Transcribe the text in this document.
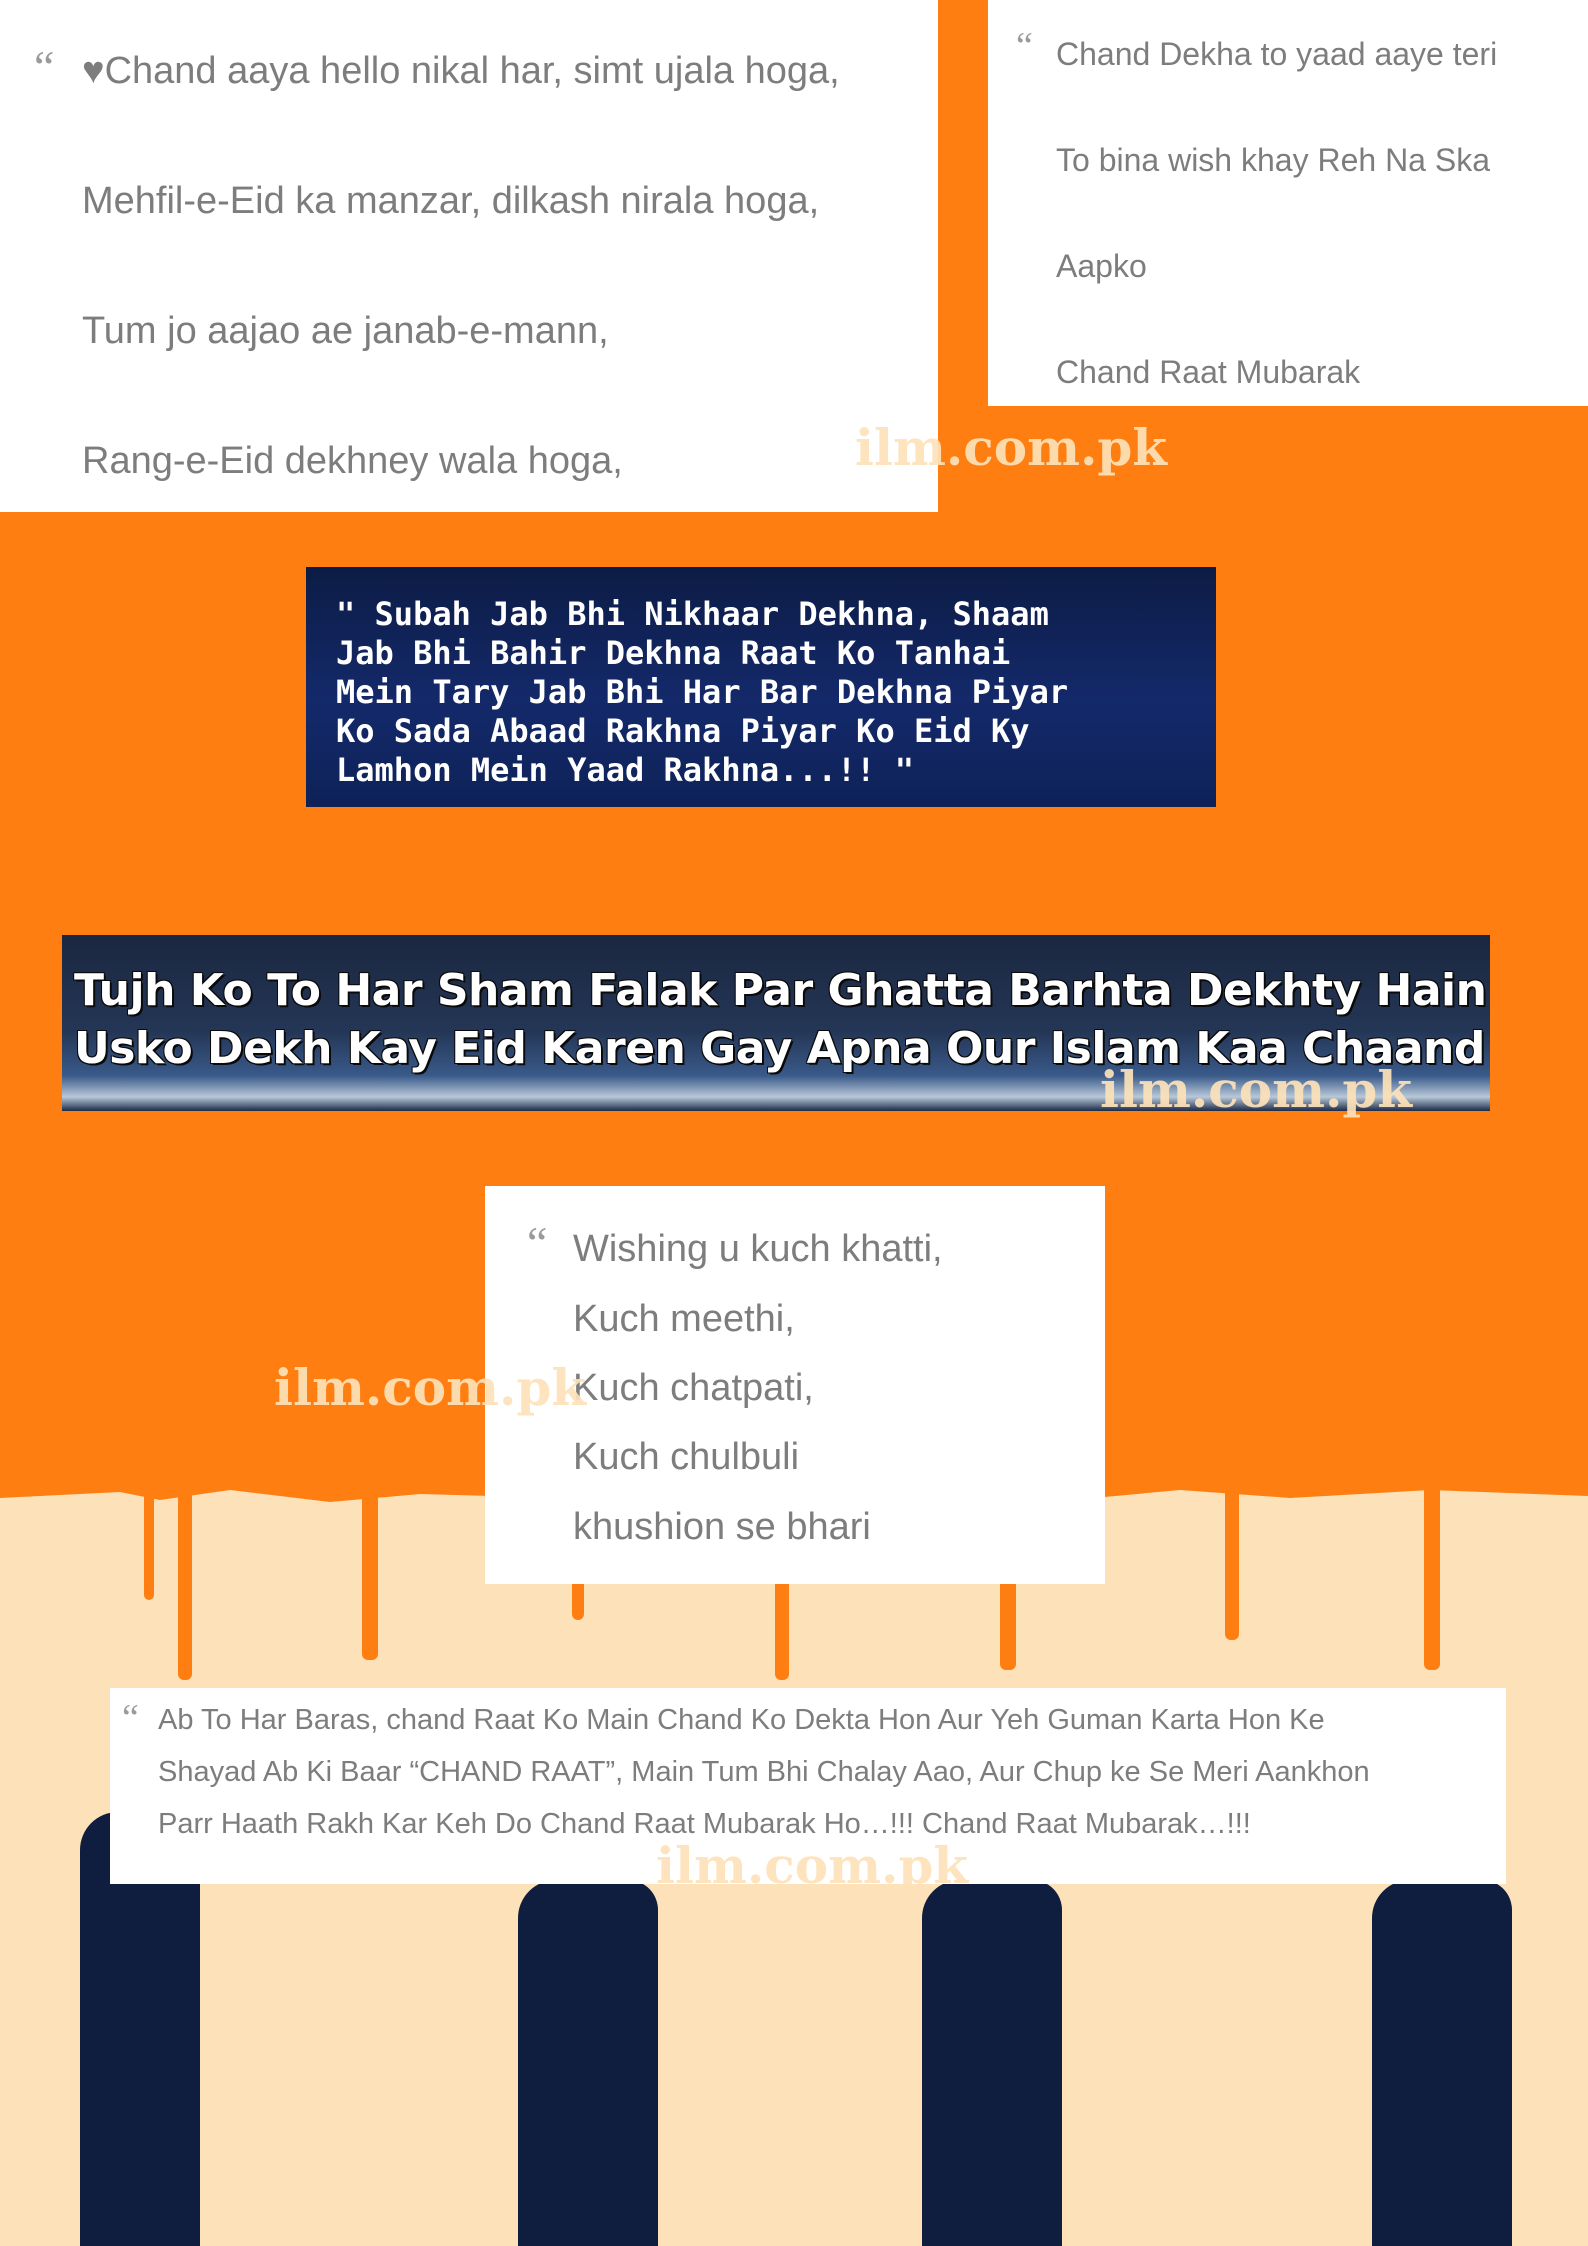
“ ♥Chand aaya hello nikal har, simt ujala hoga,
Mehfil-e-Eid ka manzar, dilkash nirala hoga,
Tum jo aajao ae janab-e-mann,
Rang-e-Eid dekhney wala hoga,
“ Chand Dekha to yaad aaye teri
To bina wish khay Reh Na Ska
Aapko
Chand Raat Mubarak
ilm.com.pk
" Subah Jab Bhi Nikhaar Dekhna, Shaam
Jab Bhi Bahir Dekhna Raat Ko Tanhai
Mein Tary Jab Bhi Har Bar Dekhna Piyar
Ko Sada Abaad Rakhna Piyar Ko Eid Ky
Lamhon Mein Yaad Rakhna...!! "
Tujh Ko To Har Sham Falak Par Ghatta Barhta Dekhty Hain
Usko Dekh Kay Eid Karen Gay Apna Our Islam Kaa Chaand
ilm.com.pk
“ Wishing u kuch khatti,
Kuch meethi,
Kuch chatpati,
Kuch chulbuli
khushion se bhari
ilm.com.pk
“ Ab To Har Baras, chand Raat Ko Main Chand Ko Dekta Hon Aur Yeh Guman Karta Hon Ke
Shayad Ab Ki Baar “CHAND RAAT”, Main Tum Bhi Chalay Aao, Aur Chup ke Se Meri Aankhon
Parr Haath Rakh Kar Keh Do Chand Raat Mubarak Ho…!!! Chand Raat Mubarak…!!!
ilm.com.pk
